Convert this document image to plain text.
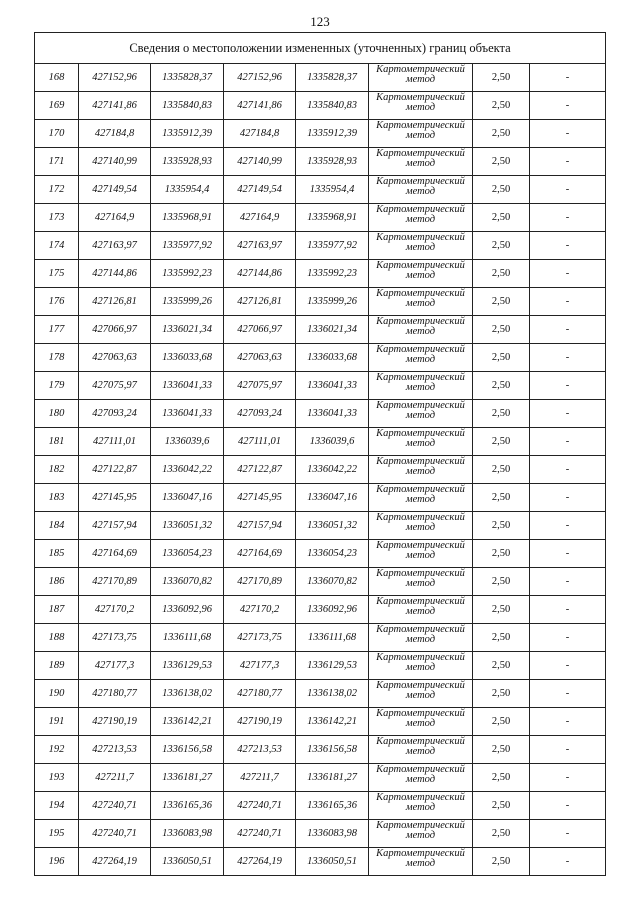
123
Сведения о местоположении измененных (уточненных) границ объекта							
168	427152,96	1335828,37	427152,96	1335828,37	Картометрический метод	2,50	-
169	427141,86	1335840,83	427141,86	1335840,83	Картометрический метод	2,50	-
170	427184,8	1335912,39	427184,8	1335912,39	Картометрический метод	2,50	-
171	427140,99	1335928,93	427140,99	1335928,93	Картометрический метод	2,50	-
172	427149,54	1335954,4	427149,54	1335954,4	Картометрический метод	2,50	-
173	427164,9	1335968,91	427164,9	1335968,91	Картометрический метод	2,50	-
174	427163,97	1335977,92	427163,97	1335977,92	Картометрический метод	2,50	-
175	427144,86	1335992,23	427144,86	1335992,23	Картометрический метод	2,50	-
176	427126,81	1335999,26	427126,81	1335999,26	Картометрический метод	2,50	-
177	427066,97	1336021,34	427066,97	1336021,34	Картометрический метод	2,50	-
178	427063,63	1336033,68	427063,63	1336033,68	Картометрический метод	2,50	-
179	427075,97	1336041,33	427075,97	1336041,33	Картометрический метод	2,50	-
180	427093,24	1336041,33	427093,24	1336041,33	Картометрический метод	2,50	-
181	427111,01	1336039,6	427111,01	1336039,6	Картометрический метод	2,50	-
182	427122,87	1336042,22	427122,87	1336042,22	Картометрический метод	2,50	-
183	427145,95	1336047,16	427145,95	1336047,16	Картометрический метод	2,50	-
184	427157,94	1336051,32	427157,94	1336051,32	Картометрический метод	2,50	-
185	427164,69	1336054,23	427164,69	1336054,23	Картометрический метод	2,50	-
186	427170,89	1336070,82	427170,89	1336070,82	Картометрический метод	2,50	-
187	427170,2	1336092,96	427170,2	1336092,96	Картометрический метод	2,50	-
188	427173,75	1336111,68	427173,75	1336111,68	Картометрический метод	2,50	-
189	427177,3	1336129,53	427177,3	1336129,53	Картометрический метод	2,50	-
190	427180,77	1336138,02	427180,77	1336138,02	Картометрический метод	2,50	-
191	427190,19	1336142,21	427190,19	1336142,21	Картометрический метод	2,50	-
192	427213,53	1336156,58	427213,53	1336156,58	Картометрический метод	2,50	-
193	427211,7	1336181,27	427211,7	1336181,27	Картометрический метод	2,50	-
194	427240,71	1336165,36	427240,71	1336165,36	Картометрический метод	2,50	-
195	427240,71	1336083,98	427240,71	1336083,98	Картометрический метод	2,50	-
196	427264,19	1336050,51	427264,19	1336050,51	Картометрический метод	2,50	-
